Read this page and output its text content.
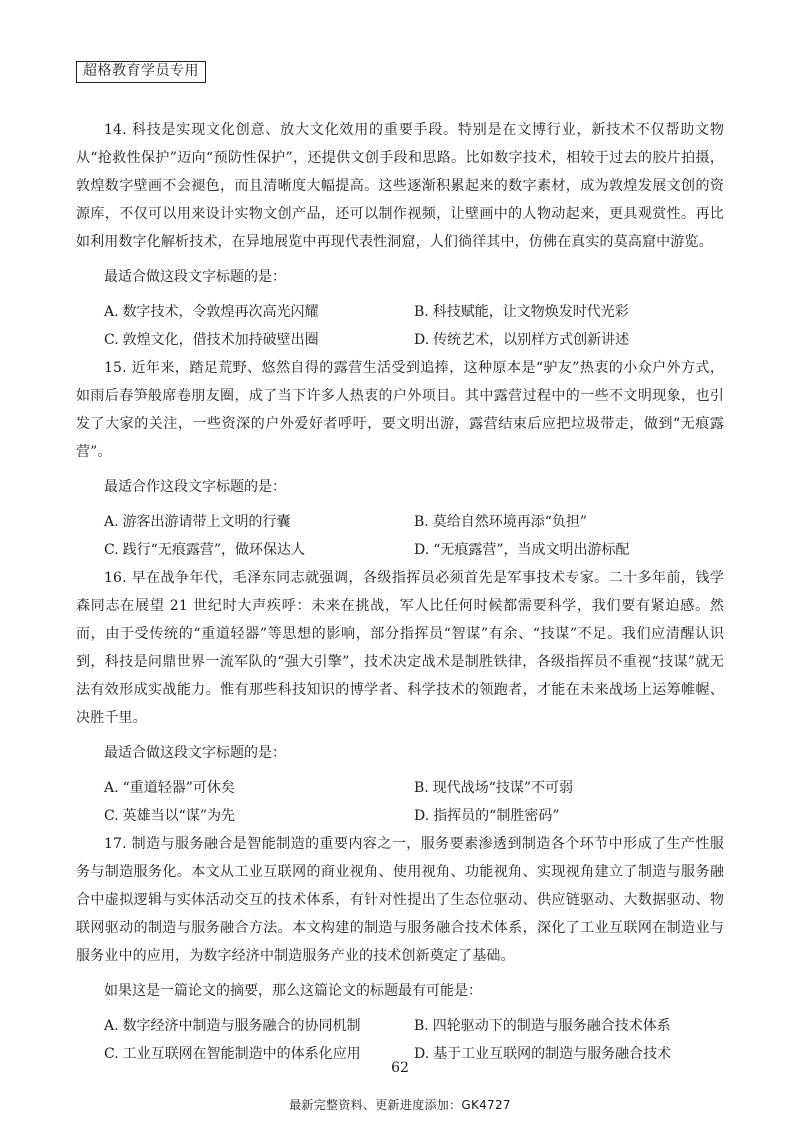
超格教育学员专用

14. 科技是实现文化创意、放大文化效用的重要手段。特别是在文博行业，新技术不仅帮助文物从“抢救性保护”迈向“预防性保护”，还提供文创手段和思路。比如数字技术，相较于过去的胶片拍摄，敦煌数字壁画不会褪色，而且清晰度大幅提高。这些逐渐积累起来的数字素材，成为敦煌发展文创的资源库，不仅可以用来设计实物文创产品，还可以制作视频，让壁画中的人物动起来，更具观赏性。再比如利用数字化解析技术，在异地展览中再现代表性洞窟，人们徜徉其中，仿佛在真实的莫高窟中游览。

最适合做这段文字标题的是：

A. 数字技术，令敦煌再次高光闪耀	B. 科技赋能，让文物焕发时代光彩
C. 敦煌文化，借技术加持破壁出圈	D. 传统艺术，以别样方式创新讲述

15. 近年来，踏足荒野、悠然自得的露营生活受到追捧，这种原本是“驴友”热衷的小众户外方式，如雨后春笋般席卷朋友圈，成了当下许多人热衷的户外项目。其中露营过程中的一些不文明现象，也引发了大家的关注，一些资深的户外爱好者呼吁，要文明出游，露营结束后应把垃圾带走，做到“无痕露营”。

最适合作这段文字标题的是：

A. 游客出游请带上文明的行囊	B. 莫给自然环境再添“负担”
C. 践行“无痕露营”，做环保达人	D. “无痕露营”，当成文明出游标配

16. 早在战争年代，毛泽东同志就强调，各级指挥员必须首先是军事技术专家。二十多年前，钱学森同志在展望 21 世纪时大声疾呼：未来在挑战，军人比任何时候都需要科学，我们要有紧迫感。然而，由于受传统的“重道轻器”等思想的影响，部分指挥员“智谋”有余、“技谋”不足。我们应清醒认识到，科技是问鼎世界一流军队的“强大引擎”，技术决定战术是制胜铁律，各级指挥员不重视“技谋”就无法有效形成实战能力。惟有那些科技知识的博学者、科学技术的领跑者，才能在未来战场上运筹帷幄、决胜千里。

最适合做这段文字标题的是：

A. “重道轻器”可休矣	B. 现代战场“技谋”不可弱
C. 英雄当以“谋”为先	D. 指挥员的“制胜密码”

17. 制造与服务融合是智能制造的重要内容之一，服务要素渗透到制造各个环节中形成了生产性服务与制造服务化。本文从工业互联网的商业视角、使用视角、功能视角、实现视角建立了制造与服务融合中虚拟逻辑与实体活动交互的技术体系，有针对性提出了生态位驱动、供应链驱动、大数据驱动、物联网驱动的制造与服务融合方法。本文构建的制造与服务融合技术体系，深化了工业互联网在制造业与服务业中的应用，为数字经济中制造服务产业的技术创新奠定了基础。

如果这是一篇论文的摘要，那么这篇论文的标题最有可能是：

A. 数字经济中制造与服务融合的协同机制	B. 四轮驱动下的制造与服务融合技术体系
C. 工业互联网在智能制造中的体系化应用	D. 基于工业互联网的制造与服务融合技术
62
最新完整资料、更新进度添加：GK4727
